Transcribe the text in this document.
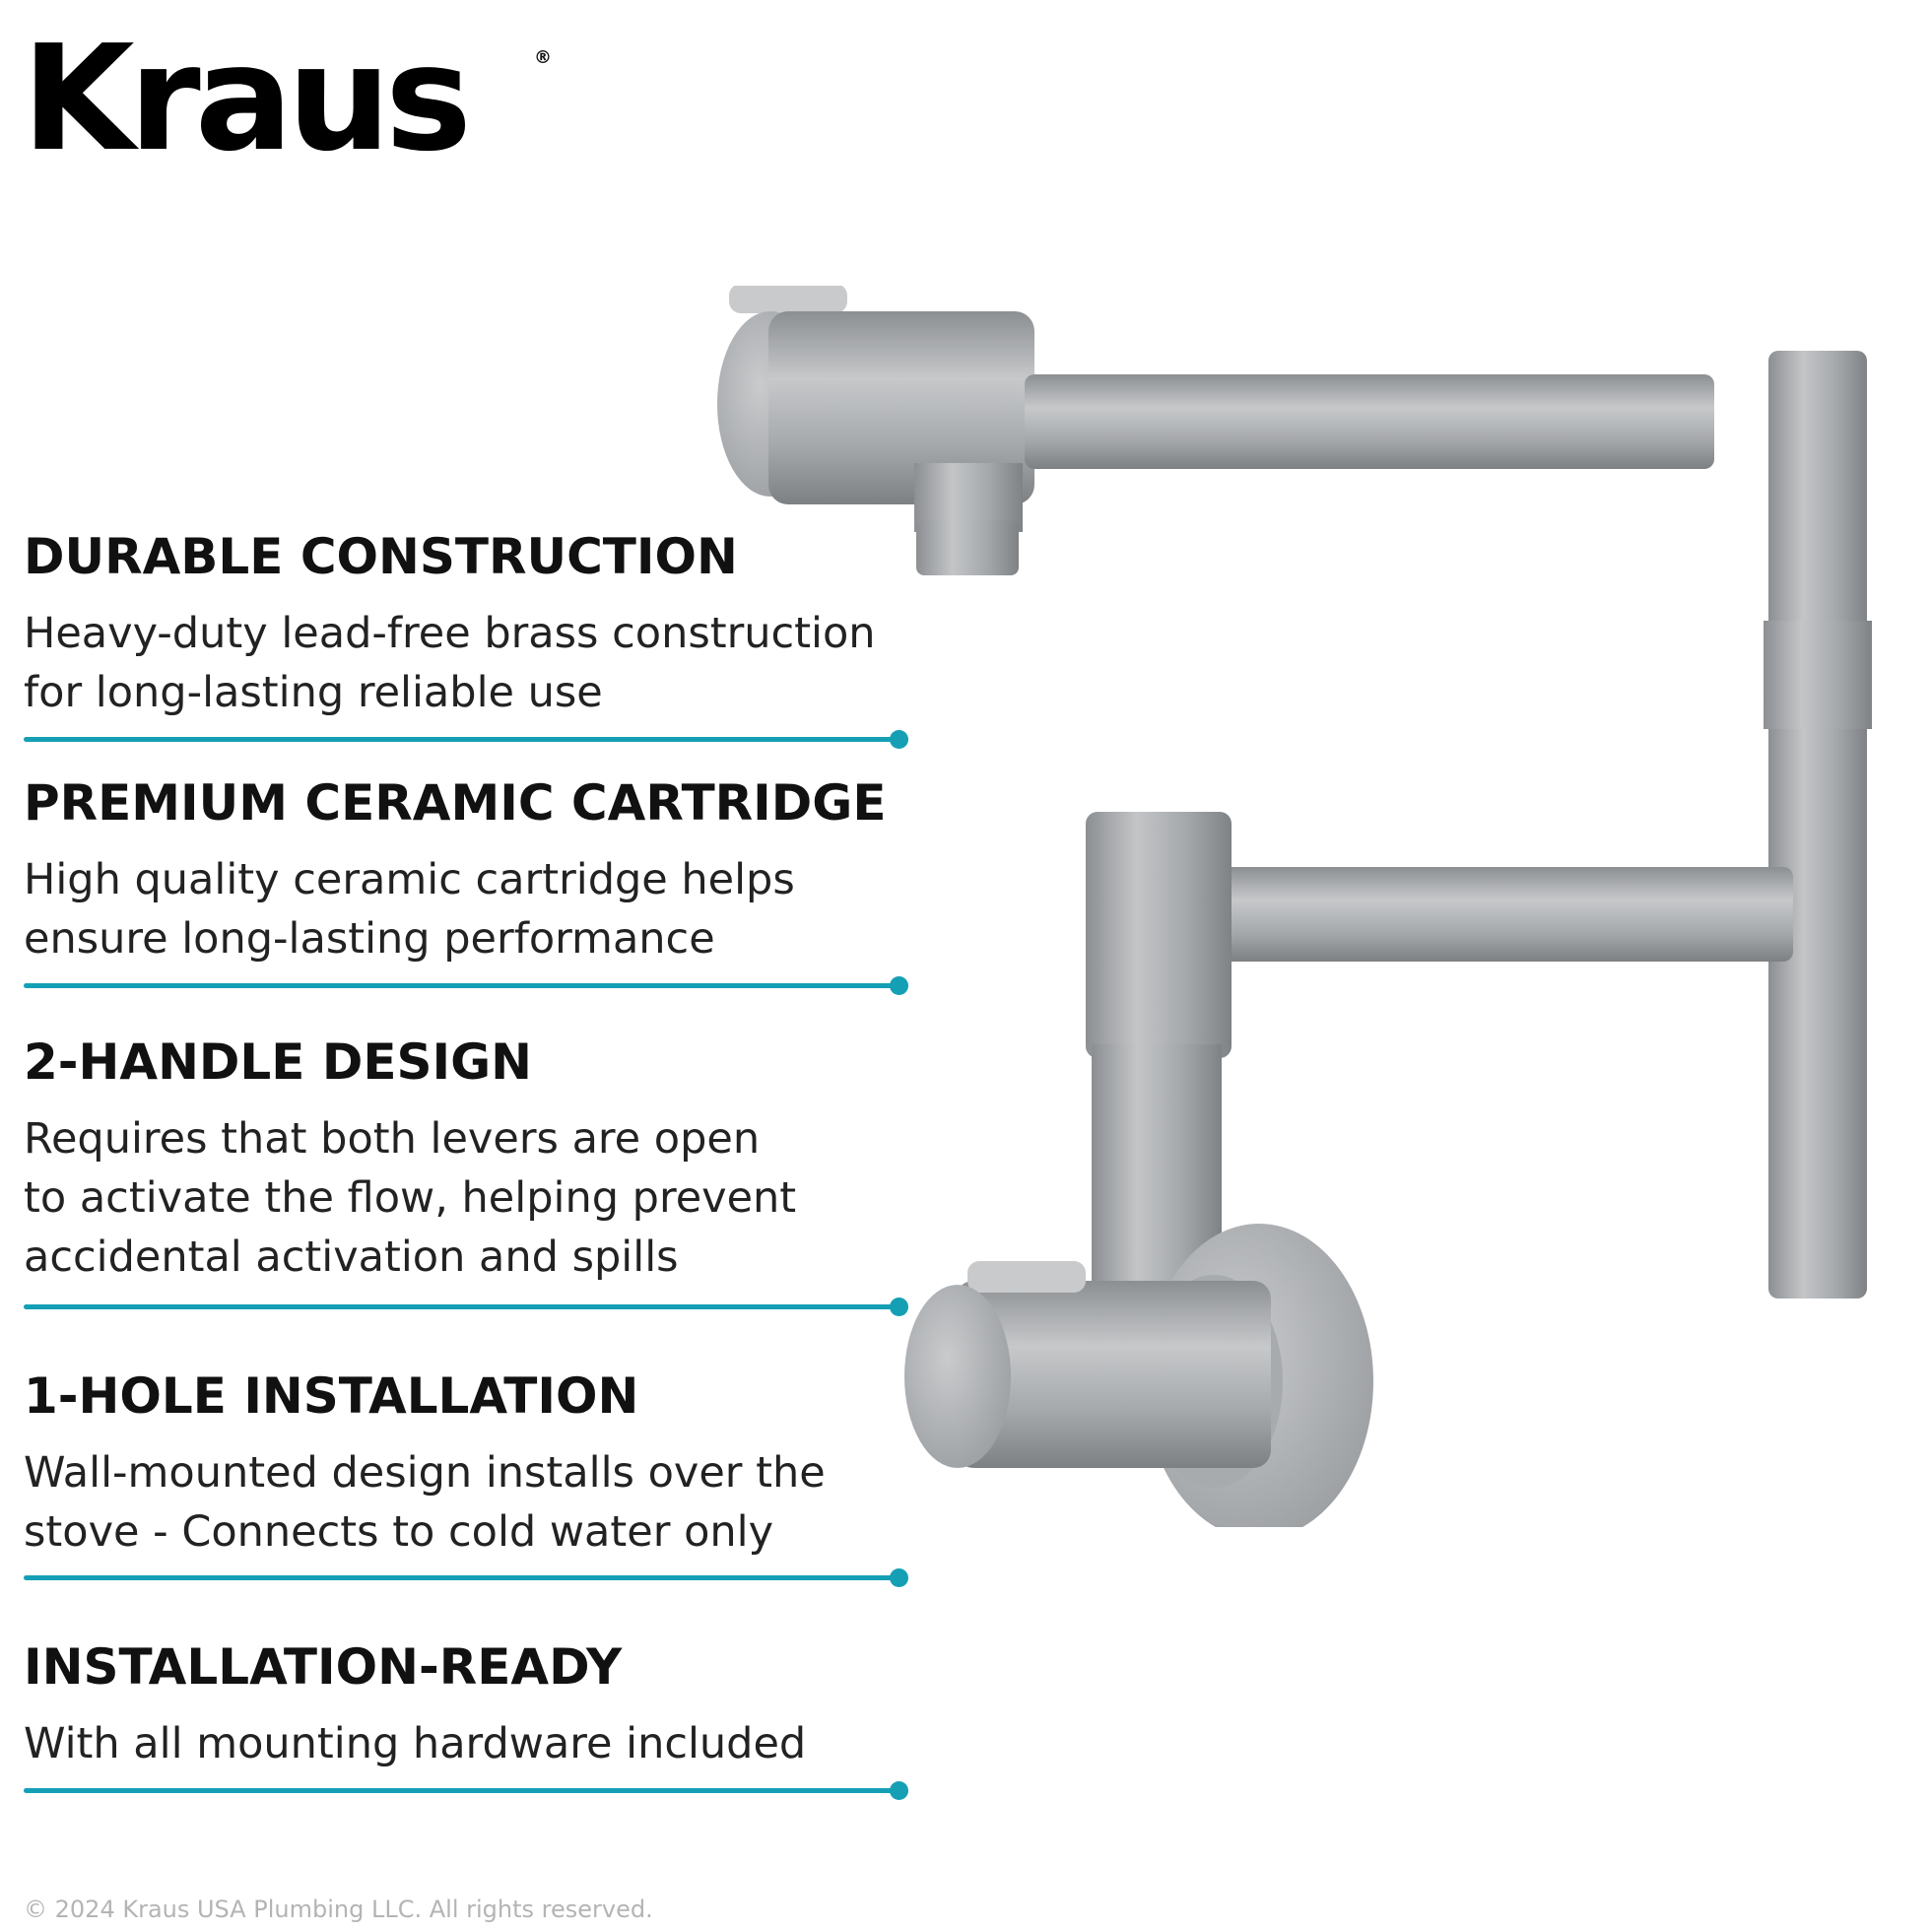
Kraus	®
DURABLE CONSTRUCTION
Heavy-duty lead-free brass construction
for long-lasting reliable use
PREMIUM CERAMIC CARTRIDGE
High quality ceramic cartridge helps
ensure long-lasting performance
2-HANDLE DESIGN
Requires that both levers are open
to activate the flow, helping prevent
accidental activation and spills
1-HOLE INSTALLATION
Wall-mounted design installs over the
stove - Connects to cold water only
INSTALLATION-READY
With all mounting hardware included
© 2024 Kraus USA Plumbing LLC. All rights reserved.
